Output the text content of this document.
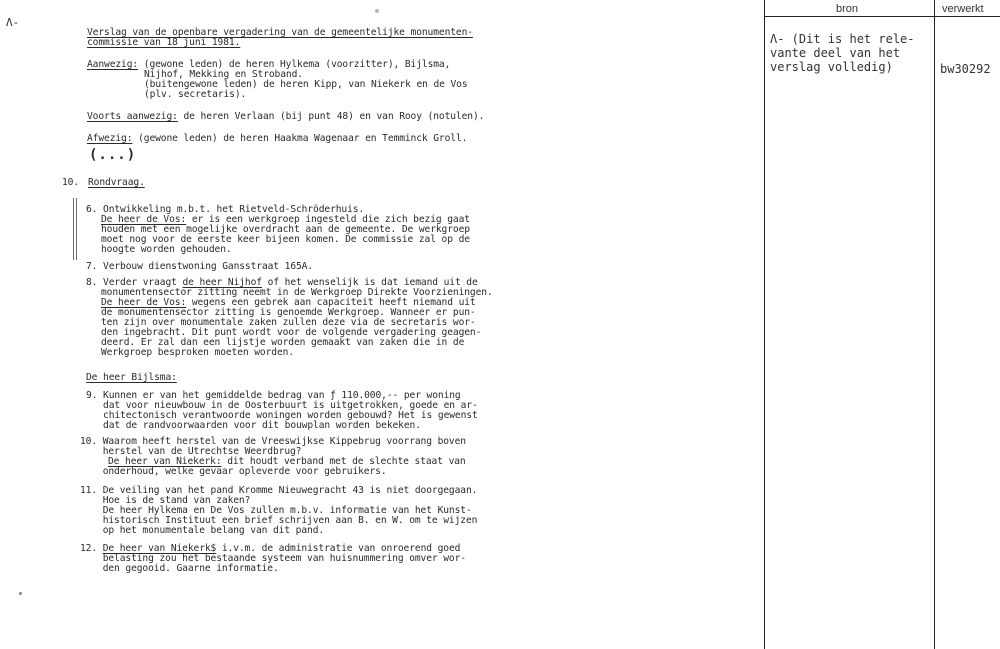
Λ-
Verslag van de openbare vergadering van de gemeentelijke monumenten-
commissie van 18 juni 1981.
Aanwezig: (gewone leden) de heren Hylkema (voorzitter), Bijlsma,
Nijhof, Mekking en Stroband.
(buitengewone leden) de heren Kipp, van Niekerk en de Vos
(plv. secretaris).
Voorts aanwezig: de heren Verlaan (bij punt 48) en van Rooy (notulen).
Afwezig: (gewone leden) de heren Haakma Wagenaar en Temminck Groll.
(...)
10. Rondvraag.
6. Ontwikkeling m.b.t. het Rietveld-Schröderhuis.
De heer de Vos: er is een werkgroep ingesteld die zich bezig gaat
houden met een mogelijke overdracht aan de gemeente. De werkgroep
moet nog voor de eerste keer bijeen komen. De commissie zal op de
hoogte worden gehouden.
7. Verbouw dienstwoning Gansstraat 165A.
8. Verder vraagt de heer Nijhof of het wenselijk is dat iemand uit de
monumentensector zitting neemt in de Werkgroep Direkte Voorzieningen.
De heer de Vos: wegens een gebrek aan capaciteit heeft niemand uit
de monumentensector zitting is genoemde Werkgroep. Wanneer er pun-
ten zijn over monumentale zaken zullen deze via de secretaris wor-
den ingebracht. Dit punt wordt voor de volgende vergadering geagen-
deerd. Er zal dan een lijstje worden gemaakt van zaken die in de
Werkgroep besproken moeten worden.
De heer Bijlsma:
9. Kunnen er van het gemiddelde bedrag van ƒ 110.000,-- per woning
dat voor nieuwbouw in de Oosterbuurt is uitgetrokken, goede en ar-
chitectonisch verantwoorde woningen worden gebouwd? Het is gewenst
dat de randvoorwaarden voor dit bouwplan worden bekeken.
10. Waarom heeft herstel van de Vreeswijkse Kippebrug voorrang boven
herstel van de Utrechtse Weerdbrug?
De heer van Niekerk: dit houdt verband met de slechte staat van
onderhoud, welke gevaar opleverde voor gebruikers.
11. De veiling van het pand Kromme Nieuwegracht 43 is niet doorgegaan.
Hoe is de stand van zaken?
De heer Hylkema en De Vos zullen m.b.v. informatie van het Kunst-
historisch Instituut een brief schrijven aan B. en W. om te wijzen
op het monumentale belang van dit pand.
12. De heer van Niekerk$ i.v.m. de administratie van onroerend goed
belasting zou het bestaande systeem van huisnummering omver wor-
den gegooid. Gaarne informatie.
bron	verwerkt
Λ- (Dit is het rele-
vante deel van het
verslag volledig)	bw30292
